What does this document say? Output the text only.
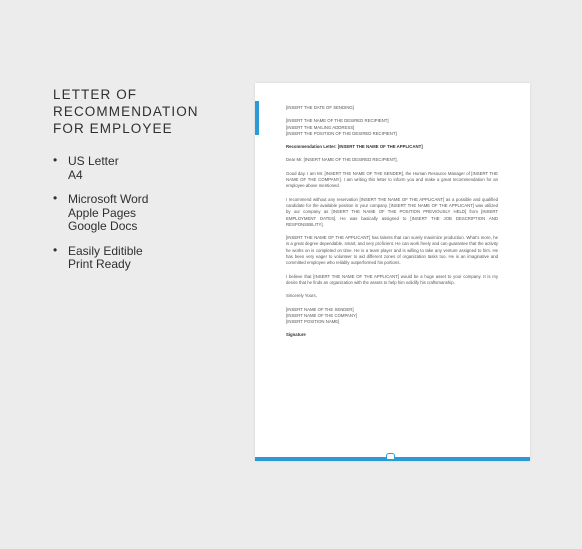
LETTER OF
RECOMMENDATION
FOR EMPLOYEE
• US Letter
A4
• Microsoft Word
Apple Pages
Google Docs
• Easily Editible
Print Ready

[INSERT THE DATE OF SENDING]

[INSERT THE NAME OF THE DESIRED RECIPIENT]
[INSERT THE MAILING ADDRESS]
[INSERT THE POSITION OF THE DESIRED RECIPIENT]

Recommendation Letter: [INSERT THE NAME OF THE APPLICANT]

Dear Mr. [INSERT NAME OF THE DESIRED RECIPIENT],

Good day. I am Mr. [INSERT THE NAME OF THE SENDER], the Human Resource Manager of [INSERT THE NAME OF THE COMPANY]. I am writing this letter to inform you and make a great recommendation for an employee above mentioned.

I recommend without any reservation [INSERT THE NAME OF THE APPLICANT] as a possible and qualified candidate for the available position in your company. [INSERT THE NAME OF THE APPLICANT] was utilized by our company as [INSERT THE NAME OF THE POSITION PREVIOUSLY HELD] from [INSERT EMPLOYMENT DATES]. He was basically assigned to [INSERT THE JOB DESCRIPTION AND RESPONSIBILITY].

[INSERT THE NAME OF THE APPLICANT] has talents that can surely maximize production. What's more, he is a great degree dependable, smart, and very proficient. He can work freely and can guarantee that the activity he works on is completed on time. He is a team player and is willing to take any venture assigned to him. He has been very eager to volunteer to aid different zones of organization tasks too. He is an imaginative and committed employee who reliably outperformed his portions.

I believe that [INSERT THE NAME OF THE APPLICANT] would be a huge asset to your company. It is my desire that he finds an organization with the assets to help him solidify his craftsmanship.

Sincerely Yours,

[INSERT NAME OF THE SENDER]
[INSERT NAME OF THE COMPANY]
[INSERT POSITION NAME]

Signature
